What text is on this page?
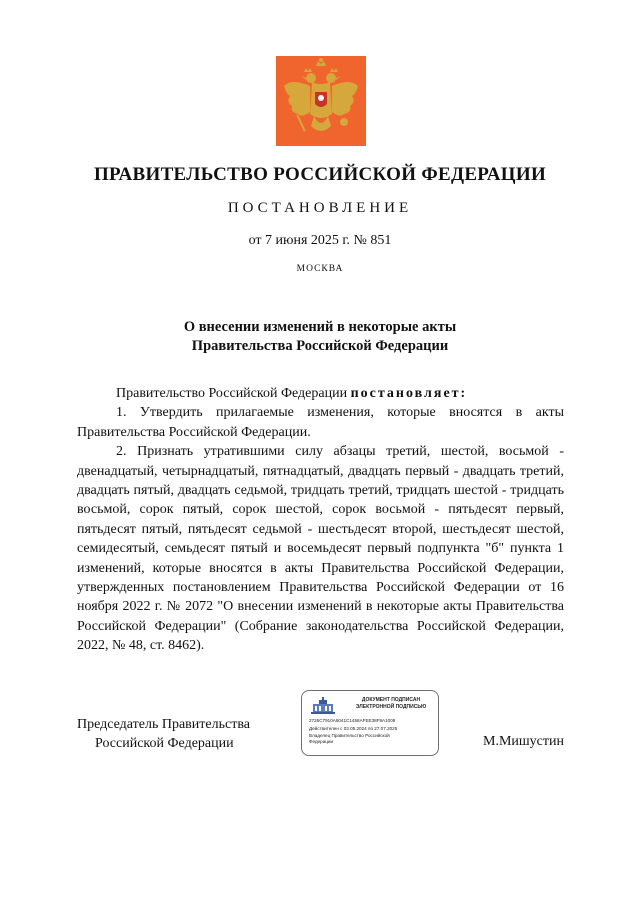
ПРАВИТЕЛЬСТВО РОССИЙСКОЙ ФЕДЕРАЦИИ
ПОСТАНОВЛЕНИЕ
от 7 июня 2025 г. № 851
МОСКВА
О внесении изменений в некоторые акты
Правительства Российской Федерации

Правительство Российской Федерации постановляет:

1. Утвердить прилагаемые изменения, которые вносятся в акты Правительства Российской Федерации.

2. Признать утратившими силу абзацы третий, шестой, восьмой - двенадцатый, четырнадцатый, пятнадцатый, двадцать первый - двадцать третий, двадцать пятый, двадцать седьмой, тридцать третий, тридцать шестой - тридцать восьмой, сорок пятый, сорок шестой, сорок восьмой - пятьдесят первый, пятьдесят пятый, пятьдесят седьмой - шестьдесят второй, шестьдесят шестой, семидесятый, семьдесят пятый и восемьдесят первый подпункта "б" пункта 1 изменений, которые вносятся в акты Правительства Российской Федерации, утвержденных постановлением Правительства Российской Федерации от 16 ноября 2022 г. № 2072 "О внесении изменений в некоторые акты Правительства Российской Федерации" (Собрание законодательства Российской Федерации, 2022, № 48, ст. 8462).

Председатель Правительства
Российской Федерации
ДОКУМЕНТ ПОДПИСАН
ЭЛЕКТРОННОЙ ПОДПИСЬЮ
2726C7910A6041C1458AFEE38F8A1009
Действителен с 03.05.2024 по 27.07.2025
Владелец Правительство Российской
Федерации	М.Мишустин
